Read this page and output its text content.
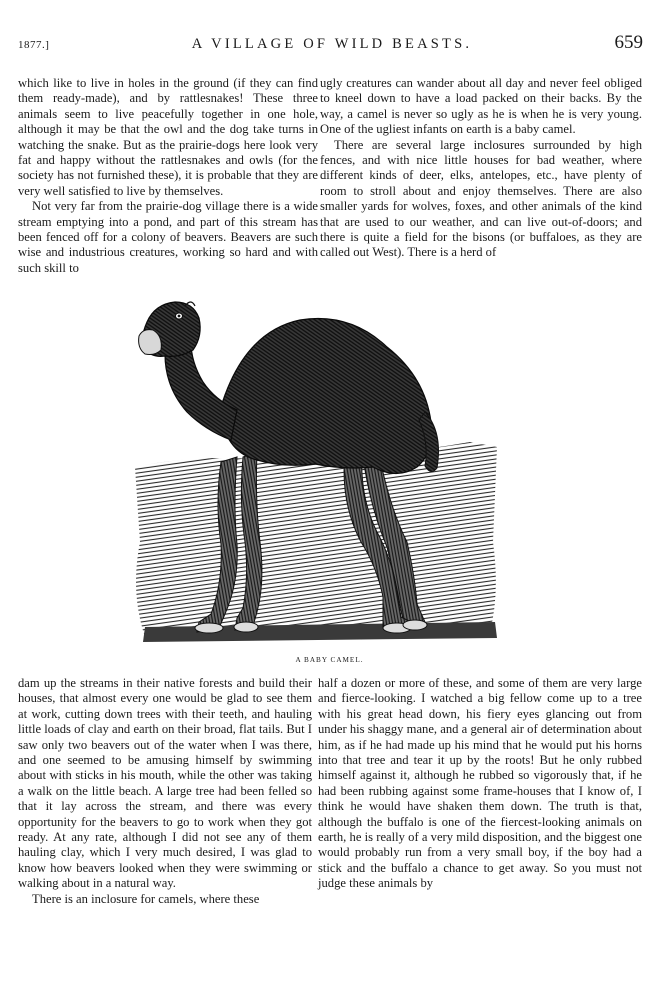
1877.]	A VILLAGE OF WILD BEASTS.	659

which like to live in holes in the ground (if they can find them ready-made), and by rattlesnakes! These three animals seem to live peacefully together in one hole, although it may be that the owl and the dog take turns in watching the snake. But as the prairie-dogs here look very fat and happy without the rattlesnakes and owls (for the society has not furnished these), it is probable that they are very well satisfied to live by themselves.

Not very far from the prairie-dog village there is a wide stream emptying into a pond, and part of this stream has been fenced off for a colony of beavers. Beavers are such wise and industrious creatures, working so hard and with such skill to

ugly creatures can wander about all day and never feel obliged to kneel down to have a load packed on their backs. By the way, a camel is never so ugly as he is when he is very young. One of the ugliest infants on earth is a baby camel.

There are several large inclosures surrounded by high fences, and with nice little houses for bad weather, where different kinds of deer, elks, antelopes, etc., have plenty of room to stroll about and enjoy themselves. There are also smaller yards for wolves, foxes, and other animals of the kind that are used to our weather, and can live out-of-doors; and there is quite a field for the bisons (or buffaloes, as they are called out West). There is a herd of

A BABY CAMEL.

dam up the streams in their native forests and build their houses, that almost every one would be glad to see them at work, cutting down trees with their teeth, and hauling little loads of clay and earth on their broad, flat tails. But I saw only two beavers out of the water when I was there, and one seemed to be amusing himself by swimming about with sticks in his mouth, while the other was taking a walk on the little beach. A large tree had been felled so that it lay across the stream, and there was every opportunity for the beavers to go to work when they got ready. At any rate, although I did not see any of them hauling clay, which I very much desired, I was glad to know how beavers looked when they were swimming or walking about in a natural way.

There is an inclosure for camels, where these

half a dozen or more of these, and some of them are very large and fierce-looking. I watched a big fellow come up to a tree with his great head down, his fiery eyes glancing out from under his shaggy mane, and a general air of determination about him, as if he had made up his mind that he would put his horns into that tree and tear it up by the roots! But he only rubbed himself against it, although he rubbed so vigorously that, if he had been rubbing against some frame-houses that I know of, I think he would have shaken them down. The truth is that, although the buffalo is one of the fiercest-looking animals on earth, he is really of a very mild disposition, and the biggest one would probably run from a very small boy, if the boy had a stick and the buffalo a chance to get away. So you must not judge these animals by
